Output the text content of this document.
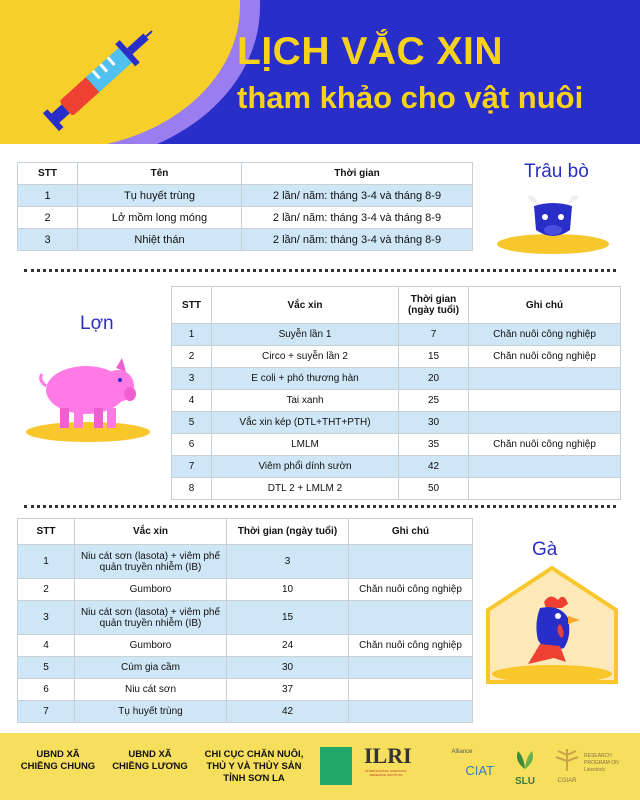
LỊCH VẮC XIN
tham khảo cho vật nuôi
STT	Tên	Thời gian
1	Tụ huyết trùng	2 lần/ năm: tháng 3-4 và tháng 8-9
2	Lở mồm long móng	2 lần/ năm: tháng 3-4 và tháng 8-9
3	Nhiệt thán	2 lần/ năm: tháng 3-4 và tháng 8-9
Trâu bò
STT	Vắc xin	Thời gian (ngày tuổi)	Ghi chú
1	Suyễn lần 1	7	Chăn nuôi công nghiệp
2	Circo + suyễn lần 2	15	Chăn nuôi công nghiệp
3	E coli + phó thương hàn	20	
4	Tai xanh	25	
5	Vắc xin kép (DTL+THT+PTH)	30	
6	LMLM	35	Chăn nuôi công nghiệp
7	Viêm phổi dính sườn	42	
8	DTL 2 + LMLM 2	50	
Lợn
STT	Vắc xin	Thời gian (ngày tuổi)	Ghi chú
1	Niu cát sơn (lasota) + viêm phế quản truyền nhiễm (IB)	3	
2	Gumboro	10	Chăn nuôi công nghiệp
3	Niu cát sơn (lasota) + viêm phế quản truyền nhiễm (IB)	15	
4	Gumboro	24	Chăn nuôi công nghiệp
5	Cúm gia cầm	30	
6	Niu cát sơn	37	
7	Tụ huyết trùng	42	
Gà
UBND XÃ CHIỀNG CHUNG
UBND XÃ CHIỀNG LƯƠNG
CHI CỤC CHĂN NUÔI, THỦ Y VÀ THỦY SẢN TỈNH SƠN LA
ILRI
INTERNATIONAL LIVESTOCK RESEARCH INSTITUTE
Alliance
CIAT
SLU	CGIAR
RESEARCH PROGRAM ON Livestock
